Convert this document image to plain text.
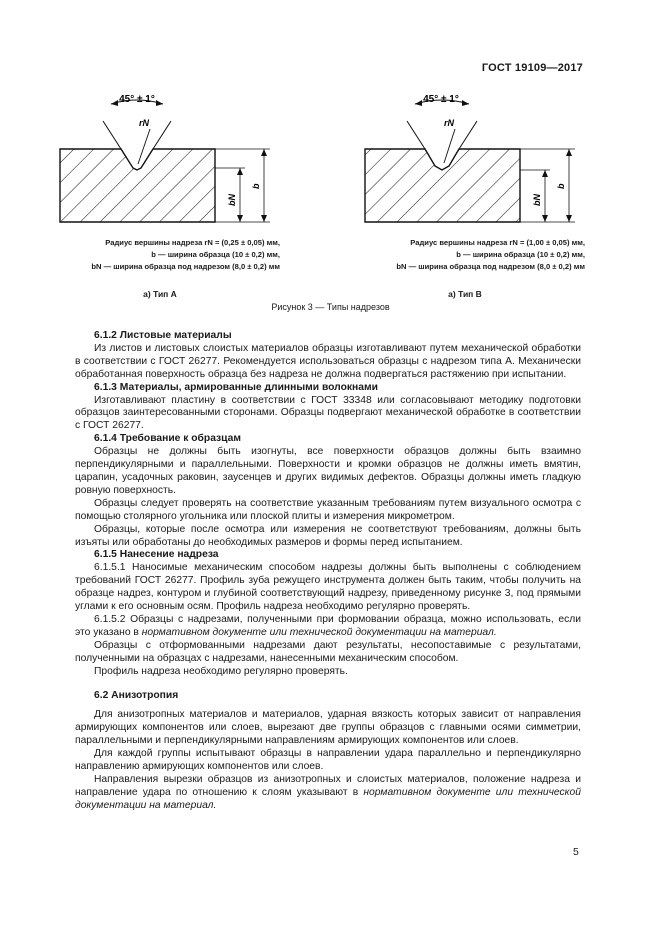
ГОСТ 19109—2017
45° ± 1°	45° ± 1°
rN	rN
bN
b
bN
b
Радиус вершины надреза rN = (0,25 ± 0,05) мм,
b — ширина образца (10 ± 0,2) мм,
bN — ширина образца под надрезом (8,0 ± 0,2) мм
Радиус вершины надреза rN = (1,00 ± 0,05) мм,
b — ширина образца (10 ± 0,2) мм,
bN — ширина образца под надрезом (8,0 ± 0,2) мм
а) Тип А	а) Тип В
Рисунок 3 — Типы надрезов
6.1.2 Листовые материалы

Из листов и листовых слоистых материалов образцы изготавливают путем механической обработки в соответствии с ГОСТ 26277. Рекомендуется использоваться образцы с надрезом типа А. Механически обработанная поверхность образца без надреза не должна подвергаться растяжению при испытании.

6.1.3 Материалы, армированные длинными волокнами

Изготавливают пластину в соответствии с ГОСТ 33348 или согласовывают методику подготовки образцов заинтересованными сторонами. Образцы подвергают механической обработке в соответствии с ГОСТ 26277.

6.1.4 Требование к образцам

Образцы не должны быть изогнуты, все поверхности образцов должны быть взаимно перпендикулярными и параллельными. Поверхности и кромки образцов не должны иметь вмятин, царапин, усадочных раковин, заусенцев и других видимых дефектов. Образцы должны иметь гладкую ровную поверхность.

Образцы следует проверять на соответствие указанным требованиям путем визуального осмотра с помощью столярного угольника или плоской плиты и измерения микрометром.

Образцы, которые после осмотра или измерения не соответствуют требованиям, должны быть изъяты или обработаны до необходимых размеров и формы перед испытанием.

6.1.5 Нанесение надреза

6.1.5.1 Наносимые механическим способом надрезы должны быть выполнены с соблюдением требований ГОСТ 26277. Профиль зуба режущего инструмента должен быть таким, чтобы получить на образце надрез, контуром и глубиной соответствующий надрезу, приведенному рисунке 3, под прямыми углами к его основным осям. Профиль надреза необходимо регулярно проверять.

6.1.5.2 Образцы с надрезами, полученными при формовании образца, можно использовать, если это указано в нормативном документе или технической документации на материал.

Образцы с отформованными надрезами дают результаты, несопоставимые с результатами, полученными на образцах с надрезами, нанесенными механическим способом.

Профиль надреза необходимо регулярно проверять.

6.2 Анизотропия

Для анизотропных материалов и материалов, ударная вязкость которых зависит от направления армирующих компонентов или слоев, вырезают две группы образцов с главными осями симметрии, параллельными и перпендикулярными направлениям армирующих компонентов или слоев.

Для каждой группы испытывают образцы в направлении удара параллельно и перпендикулярно направлению армирующих компонентов или слоев.

Направления вырезки образцов из анизотропных и слоистых материалов, положение надреза и направление удара по отношению к слоям указывают в нормативном документе или технической документации на материал.

5
